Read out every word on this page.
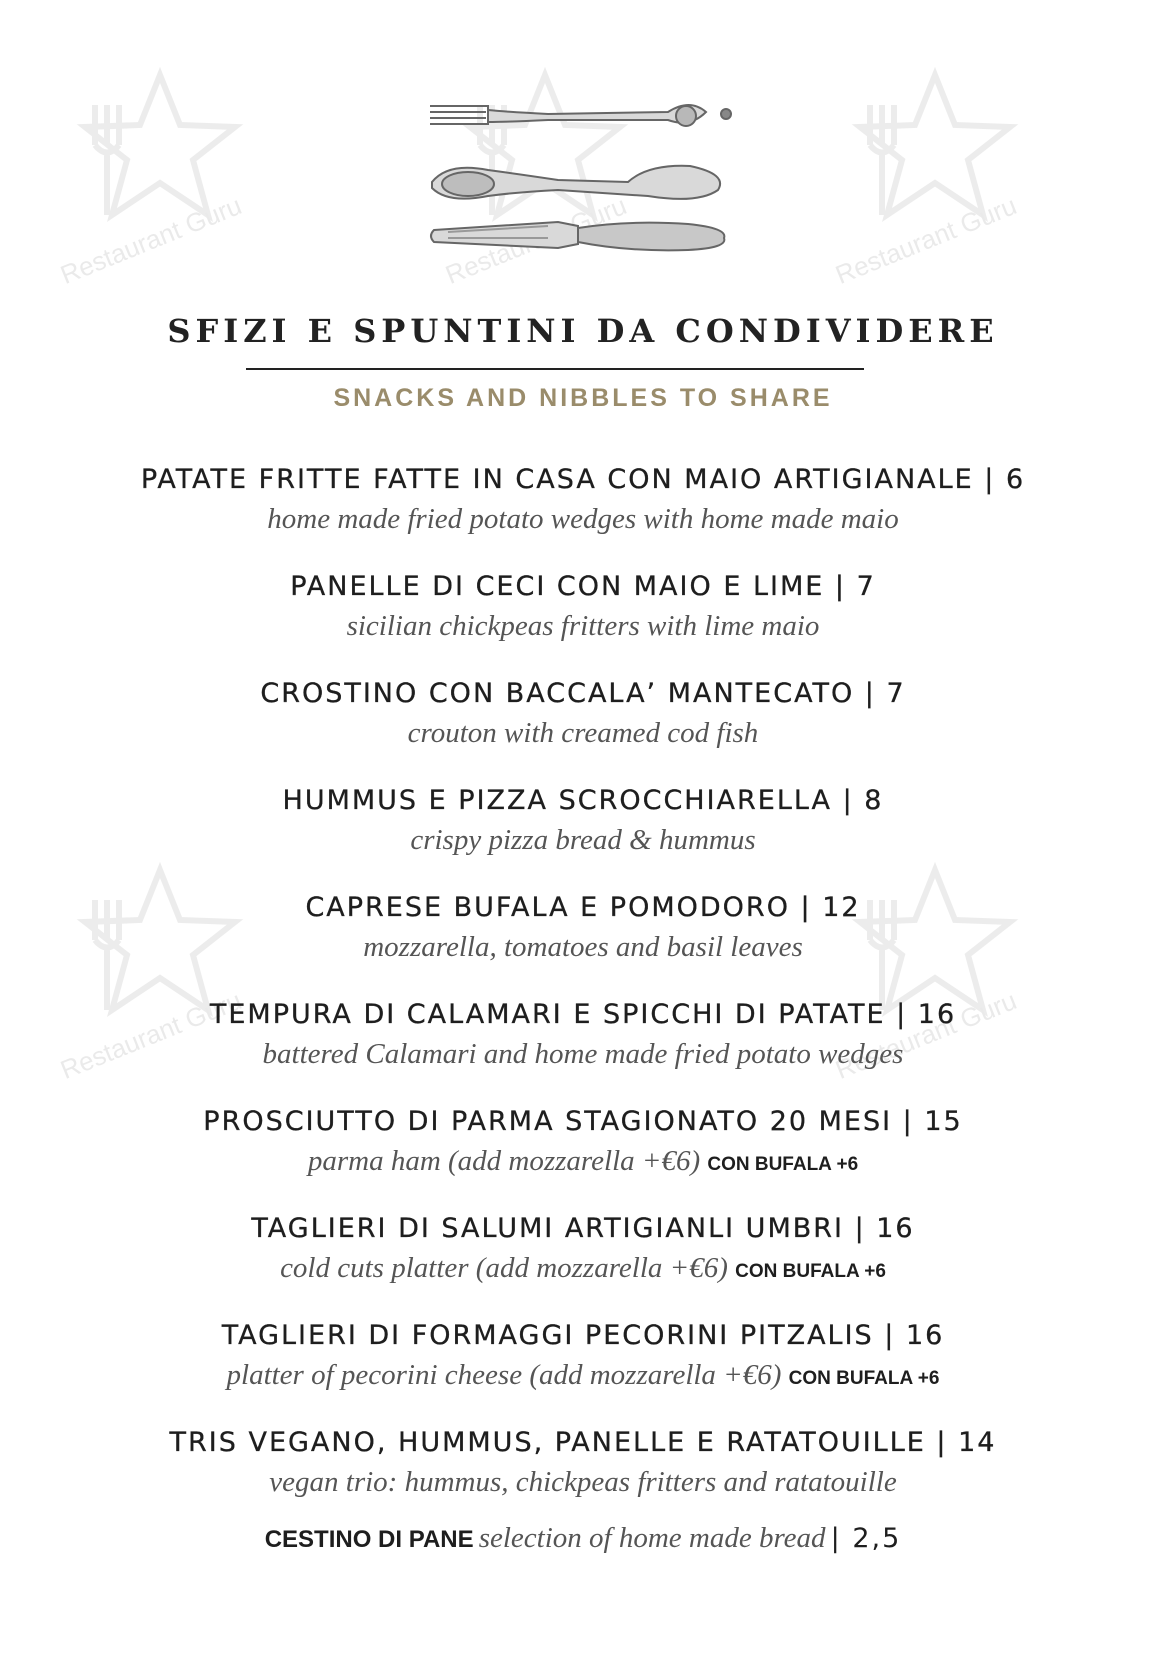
Restaurant Guru	Restaurant Guru	Restaurant Guru
Restaurant Guru	Restaurant Guru
SFIZI E SPUNTINI DA CONDIVIDERE
SNACKS AND NIBBLES TO SHARE
PATATE FRITTE FATTE IN CASA CON MAIO ARTIGIANALE | 6
home made fried potato wedges with home made maio
PANELLE DI CECI CON MAIO E LIME | 7
sicilian chickpeas fritters with lime maio
CROSTINO CON BACCALA’ MANTECATO | 7
crouton with creamed cod fish
HUMMUS E PIZZA SCROCCHIARELLA | 8
crispy pizza bread & hummus
CAPRESE BUFALA E POMODORO | 12
mozzarella, tomatoes and basil leaves
TEMPURA DI CALAMARI E SPICCHI DI PATATE | 16
battered Calamari and home made fried potato wedges
PROSCIUTTO DI PARMA STAGIONATO 20 MESI | 15
parma ham (add mozzarella +€6) CON BUFALA +6
TAGLIERI DI SALUMI ARTIGIANLI UMBRI | 16
cold cuts platter (add mozzarella +€6) CON BUFALA +6
TAGLIERI DI FORMAGGI PECORINI PITZALIS | 16
platter of pecorini cheese (add mozzarella +€6) CON BUFALA +6
TRIS VEGANO, HUMMUS, PANELLE E RATATOUILLE | 14
vegan trio: hummus, chickpeas fritters and ratatouille
CESTINO DI PANE selection of home made bread | 2,5
